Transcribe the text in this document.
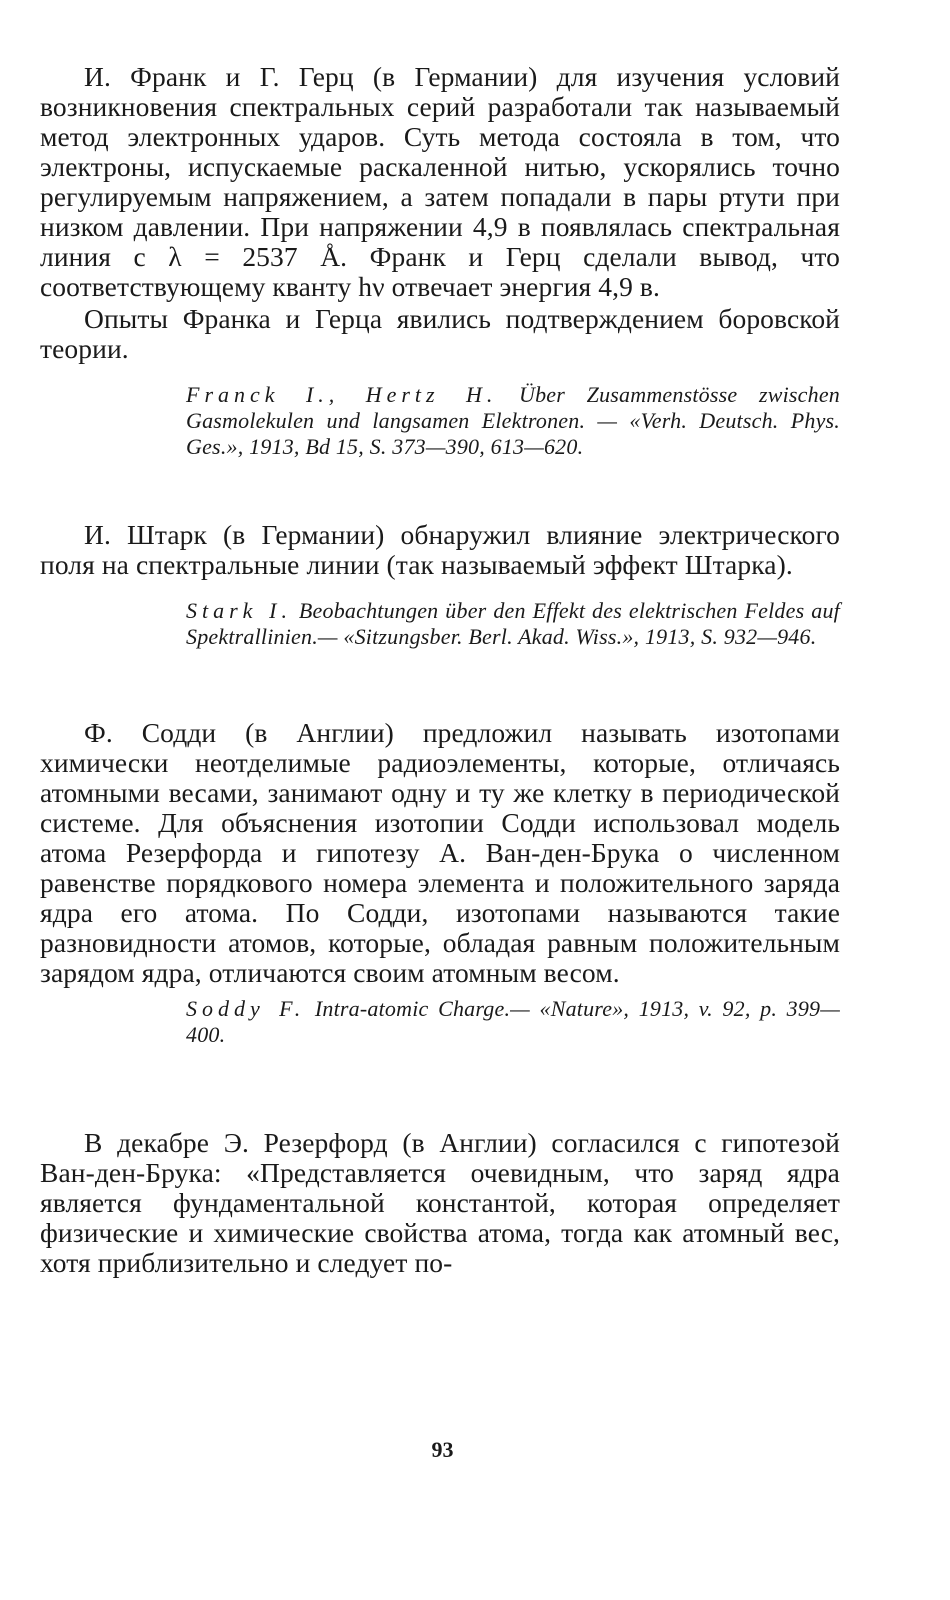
И. Франк и Г. Герц (в Германии) для изучения условий возникновения спектральных серий разработали так называемый метод электронных ударов. Суть метода состояла в том, что электроны, испускаемые раскаленной нитью, ускорялись точно регулируемым напряжением, а затем попадали в пары ртути при низком давлении. При напряжении 4,9 в появлялась спектральная линия с λ = 2537 Å. Франк и Герц сделали вывод, что соответствующему кванту hν отвечает энергия 4,9 в.

Опыты Франка и Герца явились подтверждением боровской теории.

Franck I., Hertz H. Über Zusammenstösse zwischen Gasmolekulen und langsamen Elektronen. — «Verh. Deutsch. Phys. Ges.», 1913, Bd 15, S. 373—390, 613—620.

И. Штарк (в Германии) обнаружил влияние электрического поля на спектральные линии (так называемый эффект Штарка).

Stark I. Beobachtungen über den Effekt des elektrischen Feldes auf Spektrallinien.— «Sitzungsber. Berl. Akad. Wiss.», 1913, S. 932—946.

Ф. Содди (в Англии) предложил называть изотопами химически неотделимые радиоэлементы, которые, отличаясь атомными весами, занимают одну и ту же клетку в периодической системе. Для объяснения изотопии Содди использовал модель атома Резерфорда и гипотезу А. Ван-ден-Брука о численном равенстве порядкового номера элемента и положительного заряда ядра его атома. По Содди, изотопами называются такие разновидности атомов, которые, обладая равным положительным зарядом ядра, отличаются своим атомным весом.

Soddy F. Intra-atomic Charge.— «Nature», 1913, v. 92, p. 399—400.

В декабре Э. Резерфорд (в Англии) согласился с гипотезой Ван-ден-Брука: «Представляется очевидным, что заряд ядра является фундаментальной константой, которая определяет физические и химические свойства атома, тогда как атомный вес, хотя приблизительно и следует по-

93
